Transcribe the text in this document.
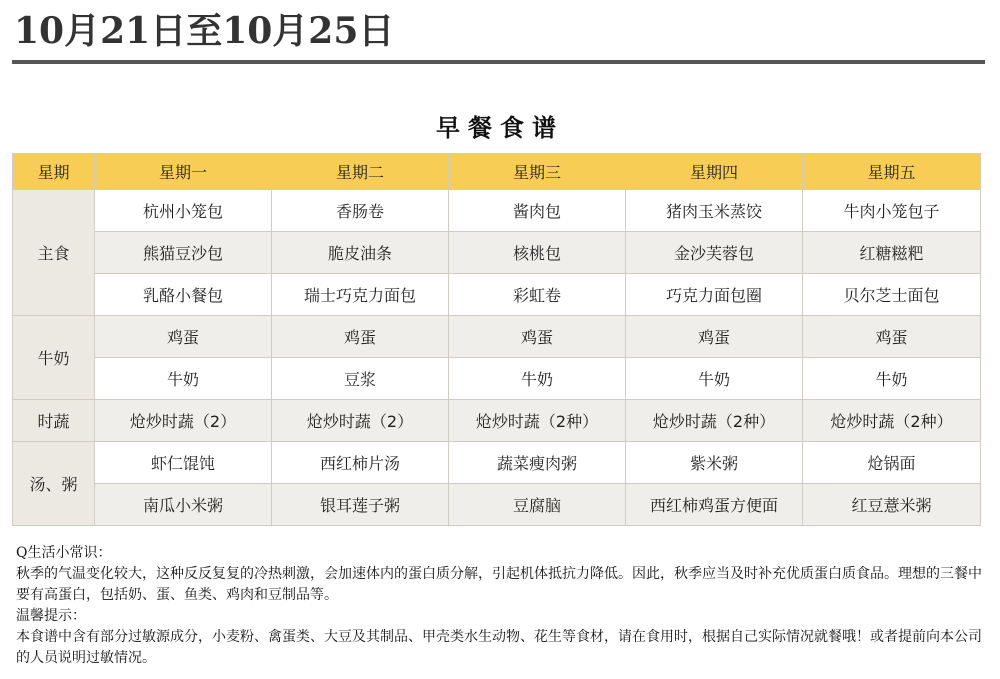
10月21日至10月25日
早餐食谱
星期	星期一	星期二	星期三	星期四	星期五
主食	杭州小笼包	香肠卷	酱肉包	猪肉玉米蒸饺	牛肉小笼包子
	熊猫豆沙包	脆皮油条	核桃包	金沙芙蓉包	红糖糍粑
	乳酪小餐包	瑞士巧克力面包	彩虹卷	巧克力面包圈	贝尔芝士面包
牛奶	鸡蛋	鸡蛋	鸡蛋	鸡蛋	鸡蛋
	牛奶	豆浆	牛奶	牛奶	牛奶
时蔬	炝炒时蔬（2）	炝炒时蔬（2）	炝炒时蔬（2种）	炝炒时蔬（2种）	炝炒时蔬（2种）
汤、粥	虾仁馄饨	西红柿片汤	蔬菜瘦肉粥	紫米粥	炝锅面
	南瓜小米粥	银耳莲子粥	豆腐脑	西红柿鸡蛋方便面	红豆薏米粥

Q生活小常识：

秋季的气温变化较大，这种反反复复的冷热刺激，会加速体内的蛋白质分解，引起机体抵抗力降低。因此，秋季应当及时补充优质蛋白质食品。理想的三餐中要有高蛋白，包括奶、蛋、鱼类、鸡肉和豆制品等。

温馨提示：

本食谱中含有部分过敏源成分，小麦粉、禽蛋类、大豆及其制品、甲壳类水生动物、花生等食材，请在食用时，根据自己实际情况就餐哦！或者提前向本公司的人员说明过敏情况。
